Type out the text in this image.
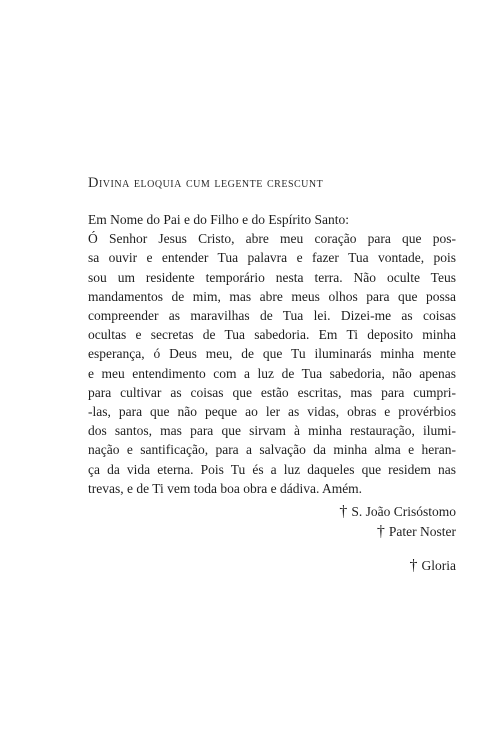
Divina eloquia cum legente crescunt
Em Nome do Pai e do Filho e do Espírito Santo:
Ó Senhor Jesus Cristo, abre meu coração para que pos-
sa ouvir e entender Tua palavra e fazer Tua vontade, pois
sou um residente temporário nesta terra. Não oculte Teus
mandamentos de mim, mas abre meus olhos para que possa
compreender as maravilhas de Tua lei. Dizei-me as coisas
ocultas e secretas de Tua sabedoria. Em Ti deposito minha
esperança, ó Deus meu, de que Tu iluminarás minha mente
e meu entendimento com a luz de Tua sabedoria, não apenas
para cultivar as coisas que estão escritas, mas para cumpri-
-las, para que não peque ao ler as vidas, obras e provérbios
dos santos, mas para que sirvam à minha restauração, ilumi-
nação e santificação, para a salvação da minha alma e heran-
ça da vida eterna. Pois Tu és a luz daqueles que residem nas
trevas, e de Ti vem toda boa obra e dádiva. Amém.
† S. João Crisóstomo
† Pater Noster
† Gloria
